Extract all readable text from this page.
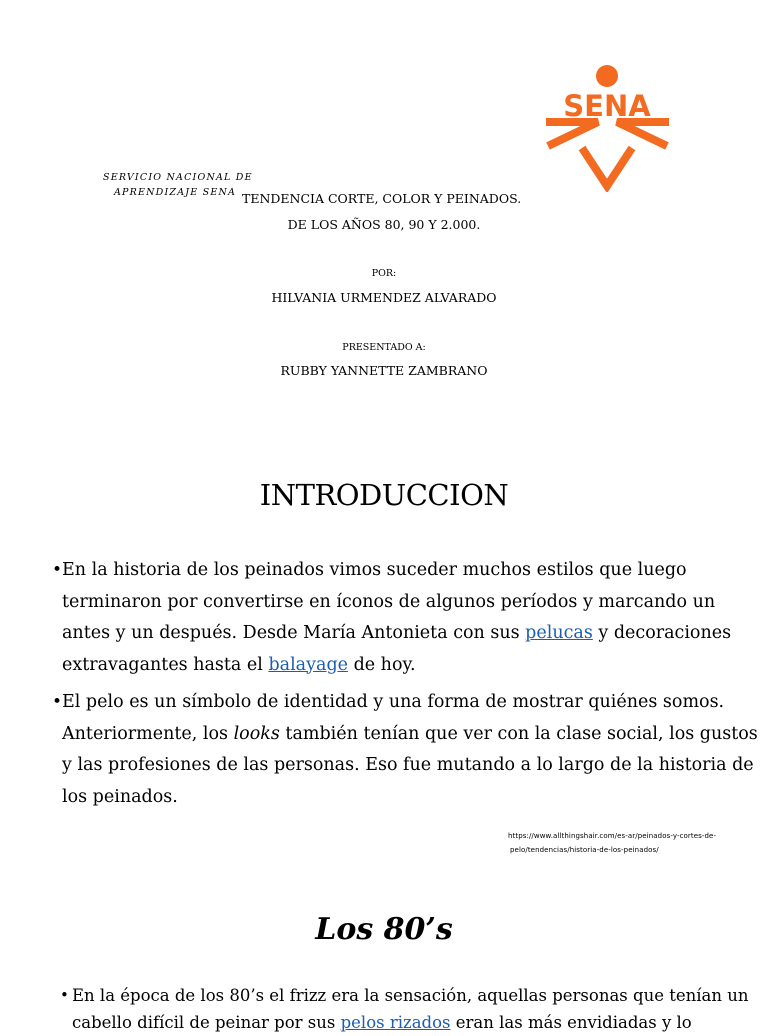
SENA
SERVICIO NACIONAL DE
APRENDIZAJE SENA TENDENCIA CORTE, COLOR Y PEINADOS.
DE LOS AÑOS 80, 90 Y 2.000.
POR:
HILVANIA URMENDEZ ALVARADO
PRESENTADO A:
RUBBY YANNETTE ZAMBRANO
INTRODUCCION
• En la historia de los peinados vimos suceder muchos estilos que luego
terminaron por convertirse en íconos de algunos períodos y marcando un
antes y un después. Desde María Antonieta con sus pelucas y decoraciones
extravagantes hasta el balayage de hoy.
• El pelo es un símbolo de identidad y una forma de mostrar quiénes somos.
Anteriormente, los looks también tenían que ver con la clase social, los gustos
y las profesiones de las personas. Eso fue mutando a lo largo de la historia de
los peinados.
https://www.allthingshair.com/es-ar/peinados-y-cortes-de-
pelo/tendencias/historia-de-los-peinados/
Los 80’s
• En la época de los 80’s el frizz era la sensación, aquellas personas que tenían un
cabello difícil de peinar por sus pelos rizados eran las más envidiadas y lo
